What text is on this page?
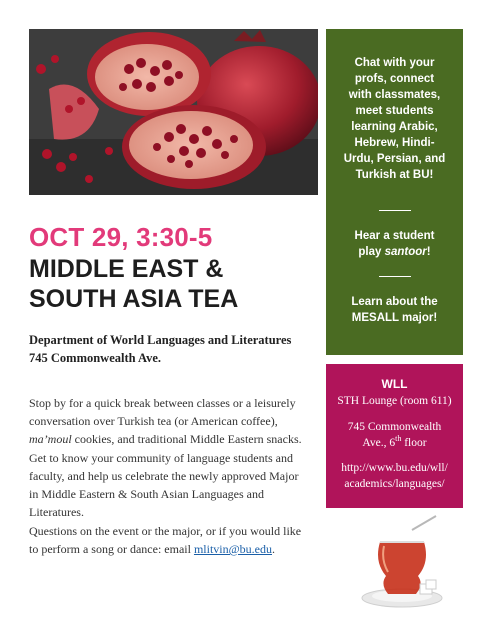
OCT 29, 3:30-5
MIDDLE EAST &
SOUTH ASIA TEA
Department of World Languages and Literatures
745 Commonwealth Ave.
Stop by for a quick break between classes or a leisurely
conversation over Turkish tea (or American coffee),
ma’moul cookies, and traditional Middle Eastern snacks.
Get to know your community of language students and
faculty, and help us celebrate the newly approved Major
in Middle Eastern & South Asian Languages and
Literatures.
Questions on the event or the major, or if you would like
to perform a song or dance: email mlitvin@bu.edu.
Chat with your
profs, connect
with classmates,
meet students
learning Arabic,
Hebrew, Hindi-
Urdu, Persian, and
Turkish at BU!
Hear a student
play santoor!
Learn about the
MESALL major!
WLL
STH Lounge (room 611)
745 Commonwealth
Ave., 6th floor
http://www.bu.edu/wll/
academics/languages/
